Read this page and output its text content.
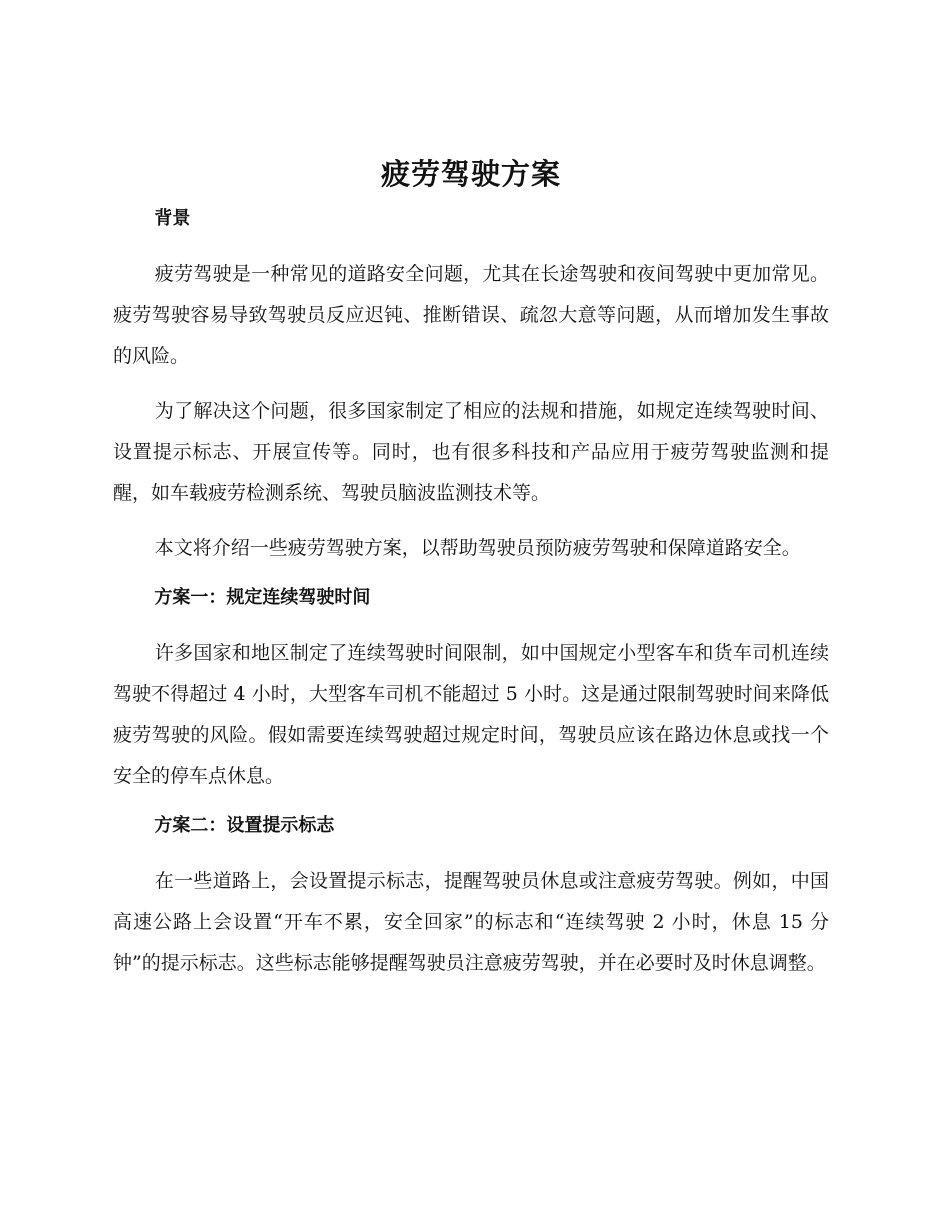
疲劳驾驶方案
背景

疲劳驾驶是一种常见的道路安全问题，尤其在长途驾驶和夜间驾驶中更加常见。疲劳驾驶容易导致驾驶员反应迟钝、推断错误、疏忽大意等问题，从而增加发生事故的风险。

为了解决这个问题，很多国家制定了相应的法规和措施，如规定连续驾驶时间、设置提示标志、开展宣传等。同时，也有很多科技和产品应用于疲劳驾驶监测和提醒，如车载疲劳检测系统、驾驶员脑波监测技术等。

本文将介绍一些疲劳驾驶方案，以帮助驾驶员预防疲劳驾驶和保障道路安全。

方案一：规定连续驾驶时间

许多国家和地区制定了连续驾驶时间限制，如中国规定小型客车和货车司机连续驾驶不得超过 4 小时，大型客车司机不能超过 5 小时。这是通过限制驾驶时间来降低疲劳驾驶的风险。假如需要连续驾驶超过规定时间，驾驶员应该在路边休息或找一个安全的停车点休息。

方案二：设置提示标志

在一些道路上，会设置提示标志，提醒驾驶员休息或注意疲劳驾驶。例如，中国高速公路上会设置“开车不累，安全回家”的标志和“连续驾驶 2 小时，休息 15 分钟”的提示标志。这些标志能够提醒驾驶员注意疲劳驾驶，并在必要时及时休息调整。
